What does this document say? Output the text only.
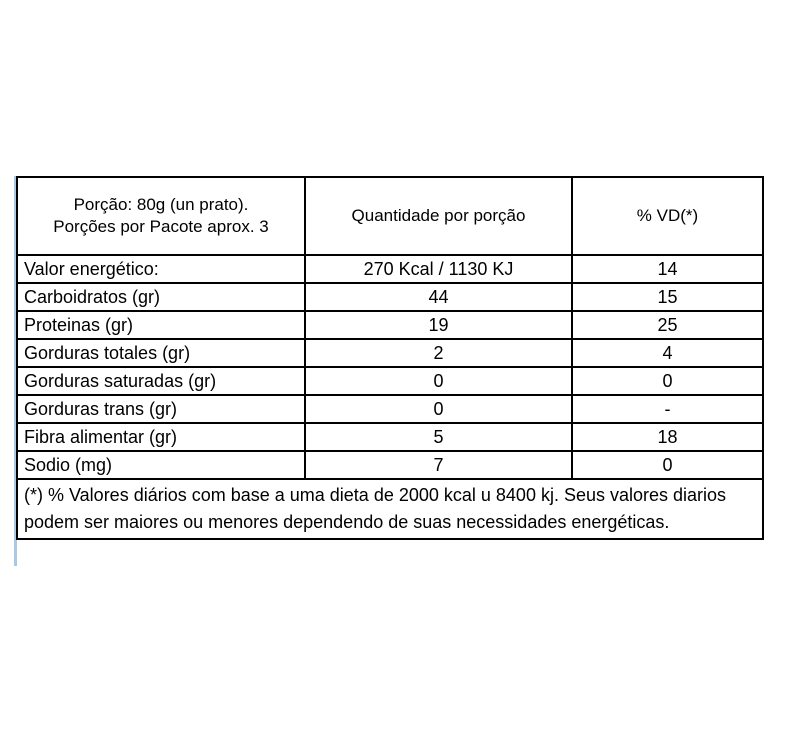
Porção: 80g (un prato).
Porções por Pacote aprox. 3	Quantidade por porção	% VD(*)
Valor energético:	270 Kcal / 1130 KJ	14
Carboidratos (gr)	44	15
Proteinas (gr)	19	25
Gorduras totales (gr)	2	4
Gorduras saturadas (gr)	0	0
Gorduras trans (gr)	0	-
Fibra alimentar (gr)	5	18
Sodio (mg)	7	0
(*) % Valores diários com base a uma dieta de 2000 kcal u 8400 kj. Seus valores diarios podem ser maiores ou menores dependendo de suas necessidades energéticas.		
